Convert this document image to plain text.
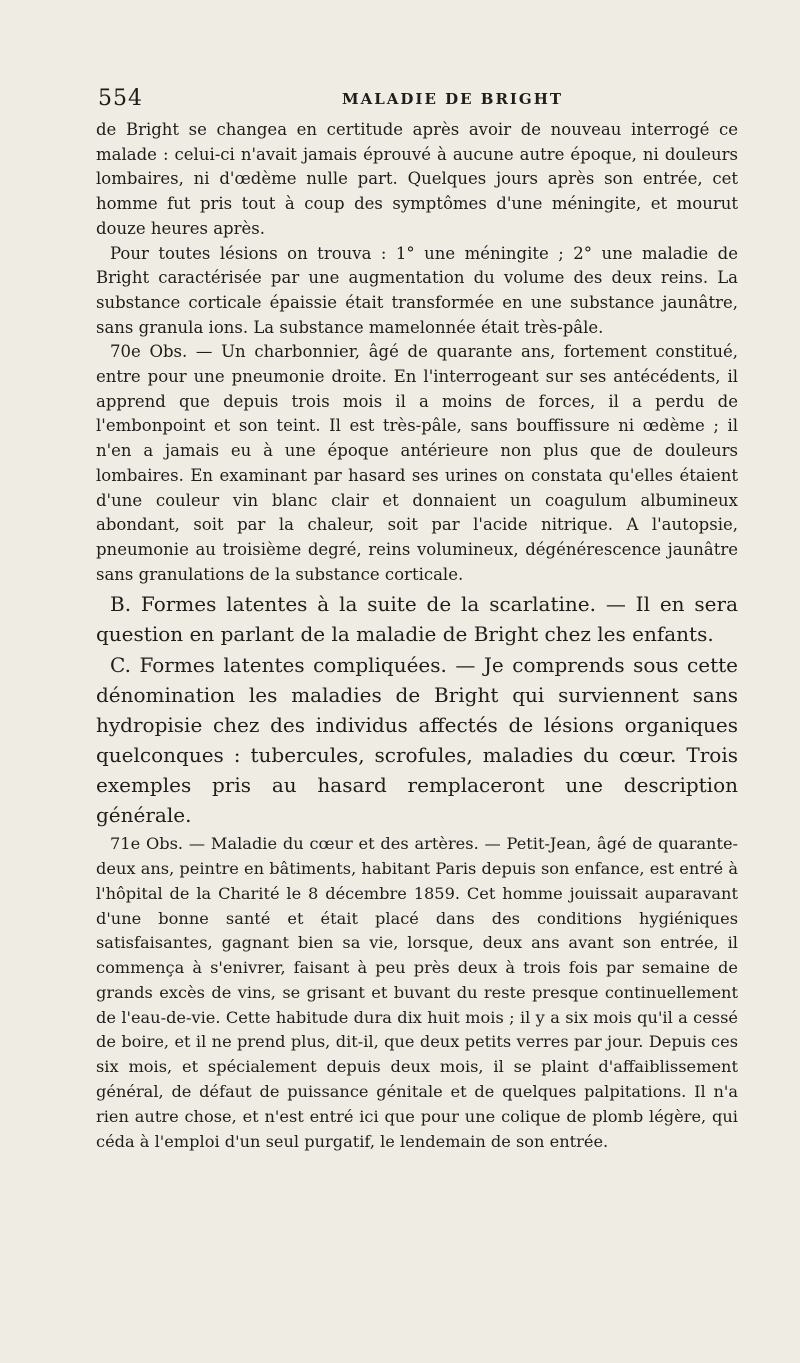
554	MALADIE DE BRIGHT

de Bright se changea en certitude après avoir de nouveau interrogé ce malade : celui-ci n'avait jamais éprouvé à aucune autre époque, ni douleurs lombaires, ni d'œdème nulle part. Quelques jours après son entrée, cet homme fut pris tout à coup des symptômes d'une méningite, et mourut douze heures après.

Pour toutes lésions on trouva : 1° une méningite ; 2° une maladie de Bright caractérisée par une augmentation du volume des deux reins. La substance corticale épaissie était transformée en une substance jaunâtre, sans granula ions. La substance mamelonnée était très-pâle.

70e Obs. — Un charbonnier, âgé de quarante ans, fortement constitué, entre pour une pneumonie droite. En l'interrogeant sur ses antécédents, il apprend que depuis trois mois il a moins de forces, il a perdu de l'embonpoint et son teint. Il est très-pâle, sans bouffissure ni œdème ; il n'en a jamais eu à une époque antérieure non plus que de douleurs lombaires. En examinant par hasard ses urines on constata qu'elles étaient d'une couleur vin blanc clair et donnaient un coagulum albumineux abondant, soit par la chaleur, soit par l'acide nitrique. A l'autopsie, pneumonie au troisième degré, reins volumineux, dégénérescence jaunâtre sans granulations de la substance corticale.

B. Formes latentes à la suite de la scarlatine. — Il en sera question en parlant de la maladie de Bright chez les enfants.

C. Formes latentes compliquées. — Je comprends sous cette dénomination les maladies de Bright qui surviennent sans hydropisie chez des individus affectés de lésions organiques quelconques : tubercules, scrofules, maladies du cœur. Trois exemples pris au hasard remplaceront une description générale.

71e Obs. — Maladie du cœur et des artères. — Petit-Jean, âgé de quarante-deux ans, peintre en bâtiments, habitant Paris depuis son enfance, est entré à l'hôpital de la Charité le 8 décembre 1859. Cet homme jouissait auparavant d'une bonne santé et était placé dans des conditions hygiéniques satisfaisantes, gagnant bien sa vie, lorsque, deux ans avant son entrée, il commença à s'enivrer, faisant à peu près deux à trois fois par semaine de grands excès de vins, se grisant et buvant du reste presque continuellement de l'eau-de-vie. Cette habitude dura dix huit mois ; il y a six mois qu'il a cessé de boire, et il ne prend plus, dit-il, que deux petits verres par jour. Depuis ces six mois, et spécialement depuis deux mois, il se plaint d'affaiblissement général, de défaut de puissance génitale et de quelques palpitations. Il n'a rien autre chose, et n'est entré ici que pour une colique de plomb légère, qui céda à l'emploi d'un seul purgatif, le lendemain de son entrée.
